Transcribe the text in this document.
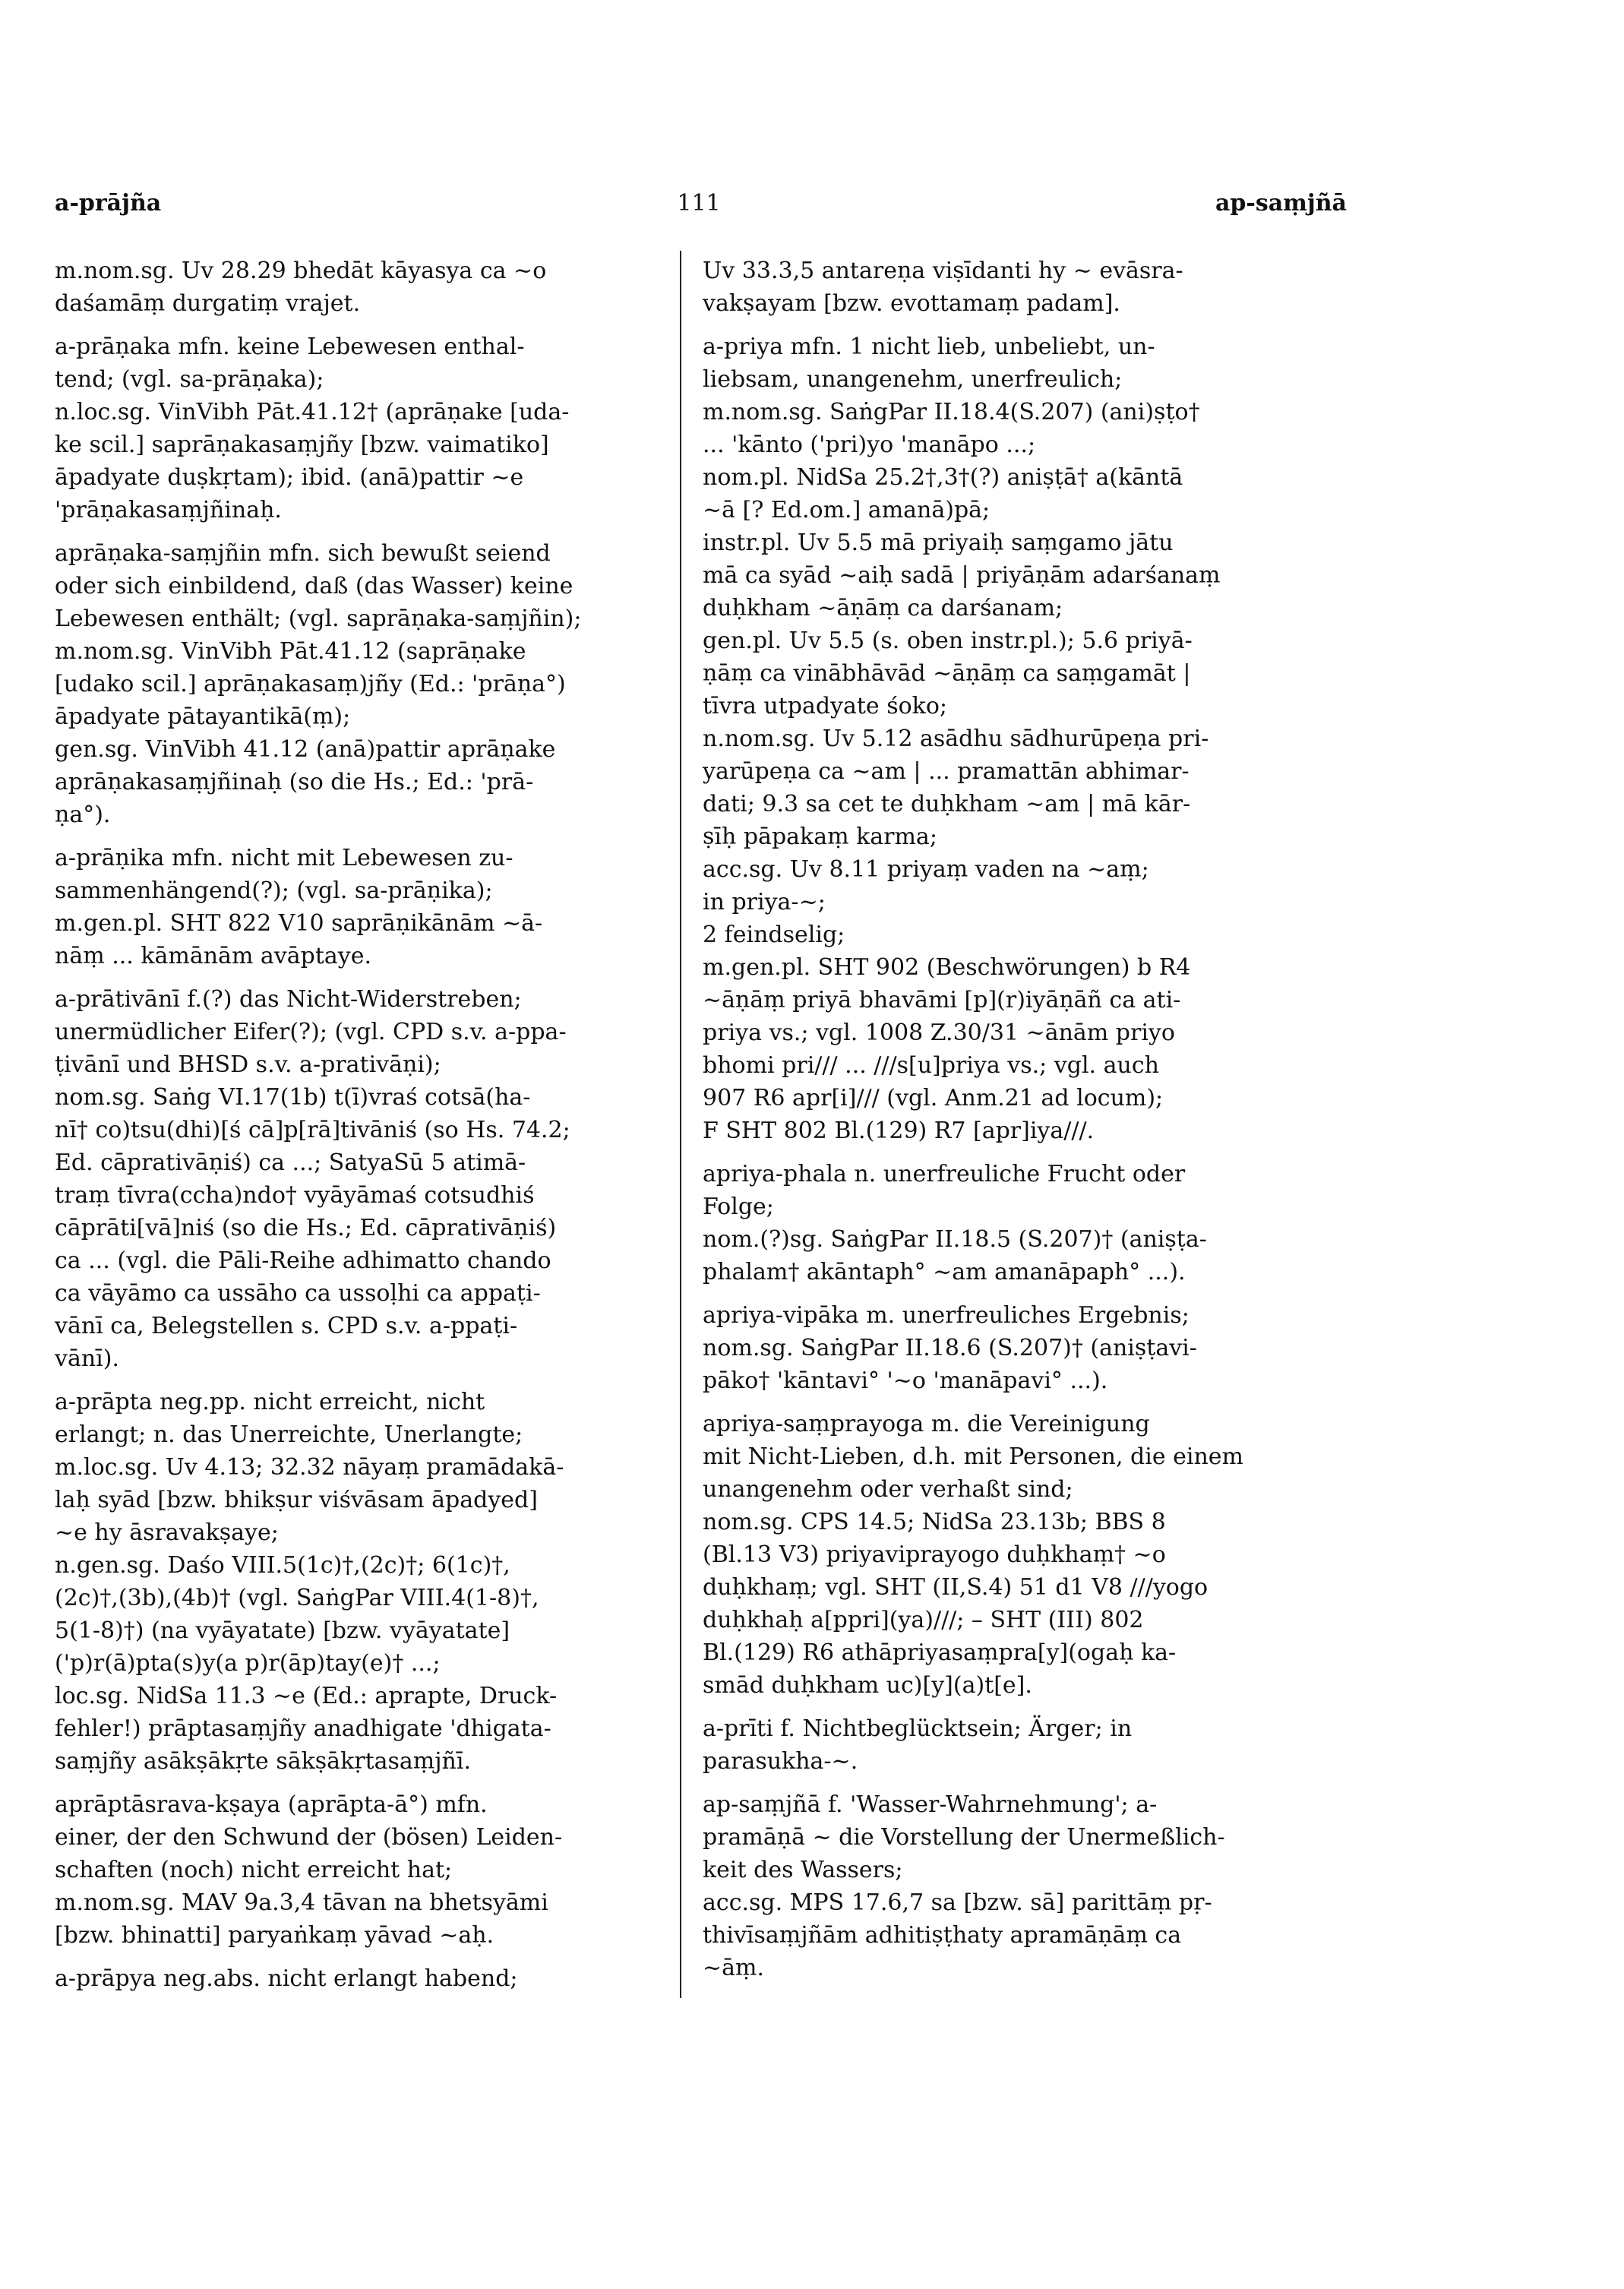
a-prājña	111	ap-saṃjñā
m.nom.sg. Uv 28.29 bhedāt kāyasya ca ~o
daśamāṃ durgatiṃ vrajet.
a-prāṇaka mfn. keine Lebewesen enthal-
tend; (vgl. sa-prāṇaka);
n.loc.sg. VinVibh Pāt.41.12† (aprāṇake [uda-
ke scil.] saprāṇakasaṃjñy [bzw. vaimatiko]
āpadyate duṣkṛtam); ibid. (anā)pattir ~e
'prāṇakasaṃjñinaḥ.
aprāṇaka-saṃjñin mfn. sich bewußt seiend
oder sich einbildend, daß (das Wasser) keine
Lebewesen enthält; (vgl. saprāṇaka-saṃjñin);
m.nom.sg. VinVibh Pāt.41.12 (saprāṇake
[udako scil.] aprāṇakasaṃ)jñy (Ed.: 'prāṇa°)
āpadyate pātayantikā(ṃ);
gen.sg. VinVibh 41.12 (anā)pattir aprāṇake
aprāṇakasaṃjñinaḥ (so die Hs.; Ed.: 'prā-
ṇa°).
a-prāṇika mfn. nicht mit Lebewesen zu-
sammenhängend(?); (vgl. sa-prāṇika);
m.gen.pl. SHT 822 V10 saprāṇikānām ~ā-
nāṃ ... kāmānām avāptaye.
a-prātivānī f.(?) das Nicht-Widerstreben;
unermüdlicher Eifer(?); (vgl. CPD s.v. a-ppa-
ṭivānī und BHSD s.v. a-prativāṇi);
nom.sg. Saṅg VI.17(1b) t(ī)vraś cotsā(ha-
nī† co)tsu(dhi)[ś cā]p[rā]tivāniś (so Hs. 74.2;
Ed. cāprativāṇiś) ca ...; SatyaSū 5 atimā-
traṃ tīvra(ccha)ndo† vyāyāmaś cotsudhiś
cāprāti[vā]niś (so die Hs.; Ed. cāprativāṇiś)
ca ... (vgl. die Pāli-Reihe adhimatto chando
ca vāyāmo ca ussāho ca ussoḷhi ca appaṭi-
vānī ca, Belegstellen s. CPD s.v. a-ppaṭi-
vānī).
a-prāpta neg.pp. nicht erreicht, nicht
erlangt; n. das Unerreichte, Unerlangte;
m.loc.sg. Uv 4.13; 32.32 nāyaṃ pramādakā-
laḥ syād [bzw. bhikṣur viśvāsam āpadyed]
~e hy āsravakṣaye;
n.gen.sg. Daśo VIII.5(1c)†,(2c)†; 6(1c)†,
(2c)†,(3b),(4b)† (vgl. SaṅgPar VIII.4(1-8)†,
5(1-8)†) (na vyāyatate) [bzw. vyāyatate]
('p)r(ā)pta(s)y(a p)r(āp)tay(e)† ...;
loc.sg. NidSa 11.3 ~e (Ed.: aprapte, Druck-
fehler!) prāptasaṃjñy anadhigate 'dhigata-
saṃjñy asākṣākṛte sākṣākṛtasaṃjñī.
aprāptāsrava-kṣaya (aprāpta-ā°) mfn.
einer, der den Schwund der (bösen) Leiden-
schaften (noch) nicht erreicht hat;
m.nom.sg. MAV 9a.3,4 tāvan na bhetsyāmi
[bzw. bhinatti] paryaṅkaṃ yāvad ~aḥ.
a-prāpya neg.abs. nicht erlangt habend;
Uv 33.3,5 antareṇa viṣīdanti hy ~ evāsra-
vakṣayam [bzw. evottamaṃ padam].
a-priya mfn. 1 nicht lieb, unbeliebt, un-
liebsam, unangenehm, unerfreulich;
m.nom.sg. SaṅgPar II.18.4(S.207) (ani)ṣṭo†
... 'kānto ('pri)yo 'manāpo ...;
nom.pl. NidSa 25.2†,3†(?) aniṣṭā† a(kāntā
~ā [? Ed.om.] amanā)pā;
instr.pl. Uv 5.5 mā priyaiḥ saṃgamo jātu
mā ca syād ~aiḥ sadā | priyāṇām adarśanaṃ
duḥkham ~āṇāṃ ca darśanam;
gen.pl. Uv 5.5 (s. oben instr.pl.); 5.6 priyā-
ṇāṃ ca vinābhāvād ~āṇāṃ ca saṃgamāt |
tīvra utpadyate śoko;
n.nom.sg. Uv 5.12 asādhu sādhurūpeṇa pri-
yarūpeṇa ca ~am | ... pramattān abhimar-
dati; 9.3 sa cet te duḥkham ~am | mā kār-
ṣīḥ pāpakaṃ karma;
acc.sg. Uv 8.11 priyaṃ vaden na ~aṃ;
in priya-~;
2 feindselig;
m.gen.pl. SHT 902 (Beschwörungen) b R4
~āṇāṃ priyā bhavāmi [p](r)iyāṇāñ ca ati-
priya vs.; vgl. 1008 Z.30/31 ~ānām priyo
bhomi pri/// ... ///s[u]priya vs.; vgl. auch
907 R6 apr[i]/// (vgl. Anm.21 ad locum);
F SHT 802 Bl.(129) R7 [apr]iya///.
apriya-phala n. unerfreuliche Frucht oder
Folge;
nom.(?)sg. SaṅgPar II.18.5 (S.207)† (aniṣṭa-
phalam† akāntaph° ~am amanāpaph° ...).
apriya-vipāka m. unerfreuliches Ergebnis;
nom.sg. SaṅgPar II.18.6 (S.207)† (aniṣṭavi-
pāko† 'kāntavi° '~o 'manāpavi° ...).
apriya-saṃprayoga m. die Vereinigung
mit Nicht-Lieben, d.h. mit Personen, die einem
unangenehm oder verhaßt sind;
nom.sg. CPS 14.5; NidSa 23.13b; BBS 8
(Bl.13 V3) priyaviprayogo duḥkhaṃ† ~o
duḥkhaṃ; vgl. SHT (II,S.4) 51 d1 V8 ///yogo
duḥkhaḥ a[ppri](ya)///; – SHT (III) 802
Bl.(129) R6 athāpriyasaṃpra[y](ogaḥ ka-
smād duḥkham uc)[y](a)t[e].
a-prīti f. Nichtbeglücktsein; Ärger; in
parasukha-~.
ap-saṃjñā f. 'Wasser-Wahrnehmung'; a-
pramāṇā ~ die Vorstellung der Unermeßlich-
keit des Wassers;
acc.sg. MPS 17.6,7 sa [bzw. sā] parittāṃ pṛ-
thivīsaṃjñām adhitiṣṭhaty apramāṇāṃ ca
~āṃ.
